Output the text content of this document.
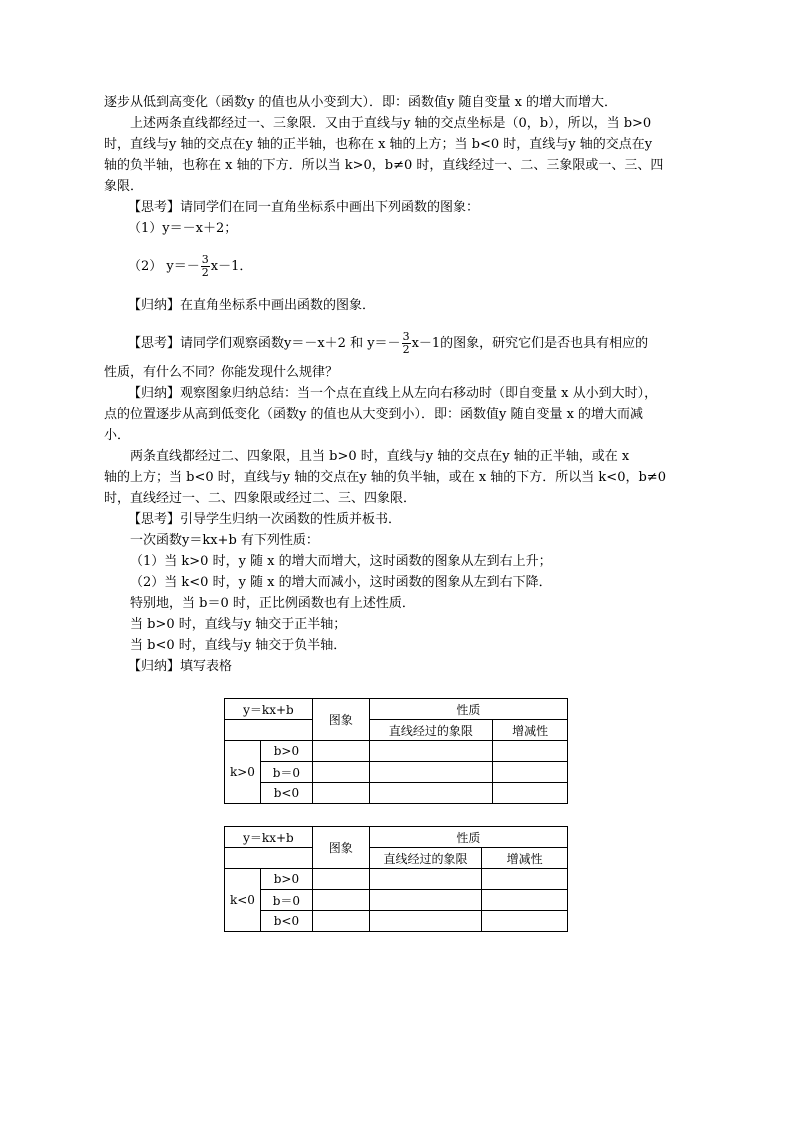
逐步从低到高变化（函数y 的值也从小变到大）．即：函数值y 随自变量 x 的增大而增大．
上述两条直线都经过一、三象限．又由于直线与y 轴的交点坐标是（0，b），所以，当 b>0
时，直线与y 轴的交点在y 轴的正半轴，也称在 x 轴的上方；当 b<0 时，直线与y 轴的交点在y
轴的负半轴，也称在 x 轴的下方．所以当 k>0，b≠0 时，直线经过一、二、三象限或一、三、四
象限．
【思考】请同学们在同一直角坐标系中画出下列函数的图象：
（1）y＝－x＋2；
（2） $y=- \frac{3}{2} x-1$．
【归纳】在直角坐标系中画出函数的图象．
【思考】请同学们观察函数y＝－x＋2 和 $y=- \frac{3}{2} x-1$的图象，研究它们是否也具有相应的
性质，有什么不同？你能发现什么规律？
【归纳】观察图象归纳总结：当一个点在直线上从左向右移动时（即自变量 x 从小到大时），
点的位置逐步从高到低变化（函数y 的值也从大变到小）．即：函数值y 随自变量 x 的增大而减
小．
两条直线都经过二、四象限，且当 b>0 时，直线与y 轴的交点在y 轴的正半轴，或在 x
轴的上方；当 b<0 时，直线与y 轴的交点在y 轴的负半轴，或在 x 轴的下方．所以当 k<0，b≠0
时，直线经过一、二、四象限或经过二、三、四象限．
【思考】引导学生归纳一次函数的性质并板书．
一次函数y＝kx+b 有下列性质：
（1）当 k>0 时，y 随 x 的增大而增大，这时函数的图象从左到右上升；
（2）当 k<0 时，y 随 x 的增大而减小，这时函数的图象从左到右下降．
特别地，当 b＝0 时，正比例函数也有上述性质．
当 b>0 时，直线与y 轴交于正半轴；
当 b<0 时，直线与y 轴交于负半轴．
【归纳】填写表格
y＝kx+b		图象	性质	
			直线经过的象限	增减性
k>0	b>0			
	b＝0			
	b<0			
y＝kx+b		图象	性质	
			直线经过的象限	增减性
k<0	b>0			
	b＝0			
	b<0			
